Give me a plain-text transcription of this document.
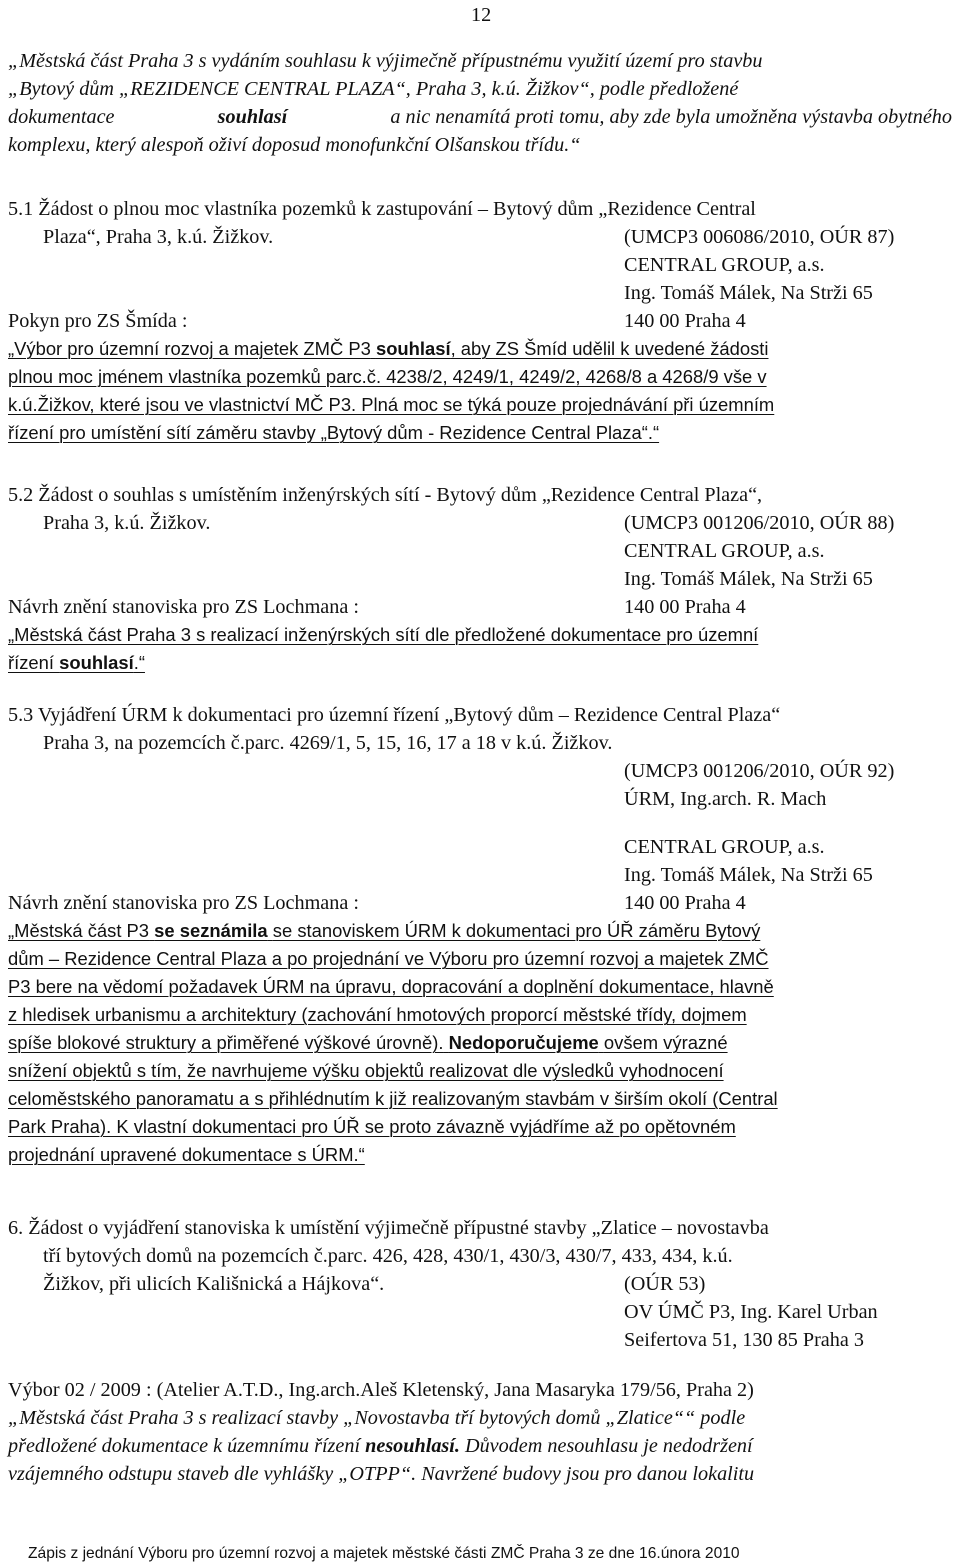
12
„Městská část Praha 3 s vydáním souhlasu k výjimečně přípustnému využití území pro stavbu
„Bytový dům „REZIDENCE CENTRAL PLAZA“, Praha 3, k.ú. Žižkov“, podle předložené
dokumentace	souhlasí	a nic nenamítá proti tomu, aby zde byla umožněna výstavba obytného
komplexu, který alespoň oživí doposud monofunkční Olšanskou třídu.“
5.1 Žádost o plnou moc vlastníka pozemků k zastupování – Bytový dům „Rezidence Central
Plaza“, Praha 3, k.ú. Žižkov.	(UMCP3 006086/2010, OÚR 87)
CENTRAL GROUP, a.s.
Ing. Tomáš Málek, Na Strži 65
Pokyn pro ZS Šmída :	140 00 Praha 4
„Výbor pro územní rozvoj a majetek ZMČ P3 souhlasí, aby ZS Šmíd udělil k uvedené žádosti
plnou moc jménem vlastníka pozemků parc.č. 4238/2, 4249/1, 4249/2, 4268/8 a 4268/9 vše v
k.ú.Žižkov, které jsou ve vlastnictví MČ P3. Plná moc se týká pouze projednávání při územním
řízení pro umístění sítí záměru stavby „Bytový dům - Rezidence Central Plaza“.“
5.2 Žádost o souhlas s umístěním inženýrských sítí - Bytový dům „Rezidence Central Plaza“,
Praha 3, k.ú. Žižkov.	(UMCP3 001206/2010, OÚR 88)
CENTRAL GROUP, a.s.
Ing. Tomáš Málek, Na Strži 65
Návrh znění stanoviska pro ZS Lochmana :	140 00 Praha 4
„Městská část Praha 3 s realizací inženýrských sítí dle předložené dokumentace pro územní
řízení souhlasí.“
5.3 Vyjádření ÚRM k dokumentaci pro územní řízení „Bytový dům – Rezidence Central Plaza“
Praha 3, na pozemcích č.parc. 4269/1, 5, 15, 16, 17 a 18 v k.ú. Žižkov.
(UMCP3 001206/2010, OÚR 92)
ÚRM, Ing.arch. R. Mach
CENTRAL GROUP, a.s.
Ing. Tomáš Málek, Na Strži 65
Návrh znění stanoviska pro ZS Lochmana :	140 00 Praha 4
„Městská část P3 se seznámila se stanoviskem ÚRM k dokumentaci pro ÚŘ záměru Bytový
dům – Rezidence Central Plaza a po projednání ve Výboru pro územní rozvoj a majetek ZMČ
P3 bere na vědomí požadavek ÚRM na úpravu, dopracování a doplnění dokumentace, hlavně
z hledisek urbanismu a architektury (zachování hmotových proporcí městské třídy, dojmem
spíše blokové struktury a přiměřené výškové úrovně). Nedoporučujeme ovšem výrazné
snížení objektů s tím, že navrhujeme výšku objektů realizovat dle výsledků vyhodnocení
celoměstského panoramatu a s přihlédnutím k již realizovaným stavbám v širším okolí (Central
Park Praha). K vlastní dokumentaci pro ÚŘ se proto závazně vyjádříme až po opětovném
projednání upravené dokumentace s ÚRM.“
6. Žádost o vyjádření stanoviska k umístění výjimečně přípustné stavby „Zlatice – novostavba
tří bytových domů na pozemcích č.parc. 426, 428, 430/1, 430/3, 430/7, 433, 434, k.ú.
Žižkov, při ulicích Kališnická a Hájkova“.	(OÚR 53)
OV ÚMČ P3, Ing. Karel Urban
Seifertova 51, 130 85 Praha 3
Výbor 02 / 2009 : (Atelier A.T.D., Ing.arch.Aleš Kletenský, Jana Masaryka 179/56, Praha 2)
„Městská část Praha 3 s realizací stavby „Novostavba tří bytových domů „Zlatice““ podle
předložené dokumentace k územnímu řízení nesouhlasí. Důvodem nesouhlasu je nedodržení
vzájemného odstupu staveb dle vyhlášky „OTPP“. Navržené budovy jsou pro danou lokalitu
Zápis z jednání Výboru pro územní rozvoj a majetek městské části ZMČ Praha 3 ze dne 16.února 2010
